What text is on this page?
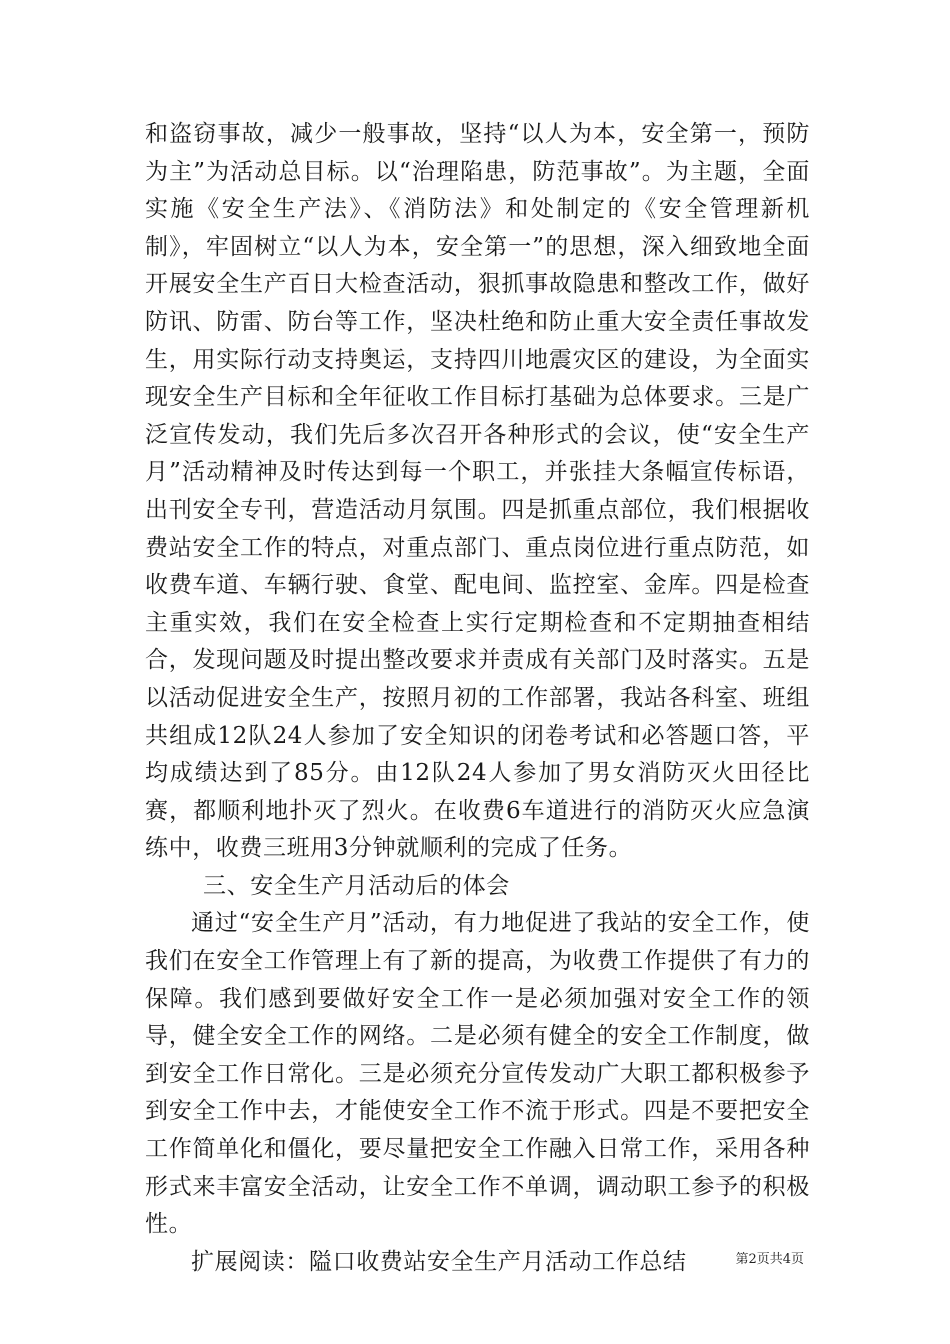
和盗窃事故，减少一般事故，坚持“以人为本，安全第一，预防为主”为活动总目标。以“治理陷患，防范事故”。为主题，全面实施《安全生产法》、《消防法》和处制定的《安全管理新机制》，牢固树立“以人为本，安全第一”的思想，深入细致地全面开展安全生产百日大检查活动，狠抓事故隐患和整改工作，做好防讯、防雷、防台等工作，坚决杜绝和防止重大安全责任事故发生，用实际行动支持奥运，支持四川地震灾区的建设，为全面实现安全生产目标和全年征收工作目标打基础为总体要求。三是广泛宣传发动，我们先后多次召开各种形式的会议，使“安全生产月”活动精神及时传达到每一个职工，并张挂大条幅宣传标语，出刊安全专刊，营造活动月氛围。四是抓重点部位，我们根据收费站安全工作的特点，对重点部门、重点岗位进行重点防范，如收费车道、车辆行驶、食堂、配电间、监控室、金库。四是检查主重实效，我们在安全检查上实行定期检查和不定期抽查相结合，发现问题及时提出整改要求并责成有关部门及时落实。五是以活动促进安全生产，按照月初的工作部署，我站各科室、班组共组成12队24人参加了安全知识的闭卷考试和必答题口答，平均成绩达到了85分。由12队24人参加了男女消防灭火田径比赛，都顺利地扑灭了烈火。在收费6车道进行的消防灭火应急演练中，收费三班用3分钟就顺利的完成了任务。

三、安全生产月活动后的体会

通过“安全生产月”活动，有力地促进了我站的安全工作，使我们在安全工作管理上有了新的提高，为收费工作提供了有力的保障。我们感到要做好安全工作一是必须加强对安全工作的领导，健全安全工作的网络。二是必须有健全的安全工作制度，做到安全工作日常化。三是必须充分宣传发动广大职工都积极参予到安全工作中去，才能使安全工作不流于形式。四是不要把安全工作简单化和僵化，要尽量把安全工作融入日常工作，采用各种形式来丰富安全活动，让安全工作不单调，调动职工参予的积极性。

扩展阅读：隘口收费站安全生产月活动工作总结	第2页共4页
